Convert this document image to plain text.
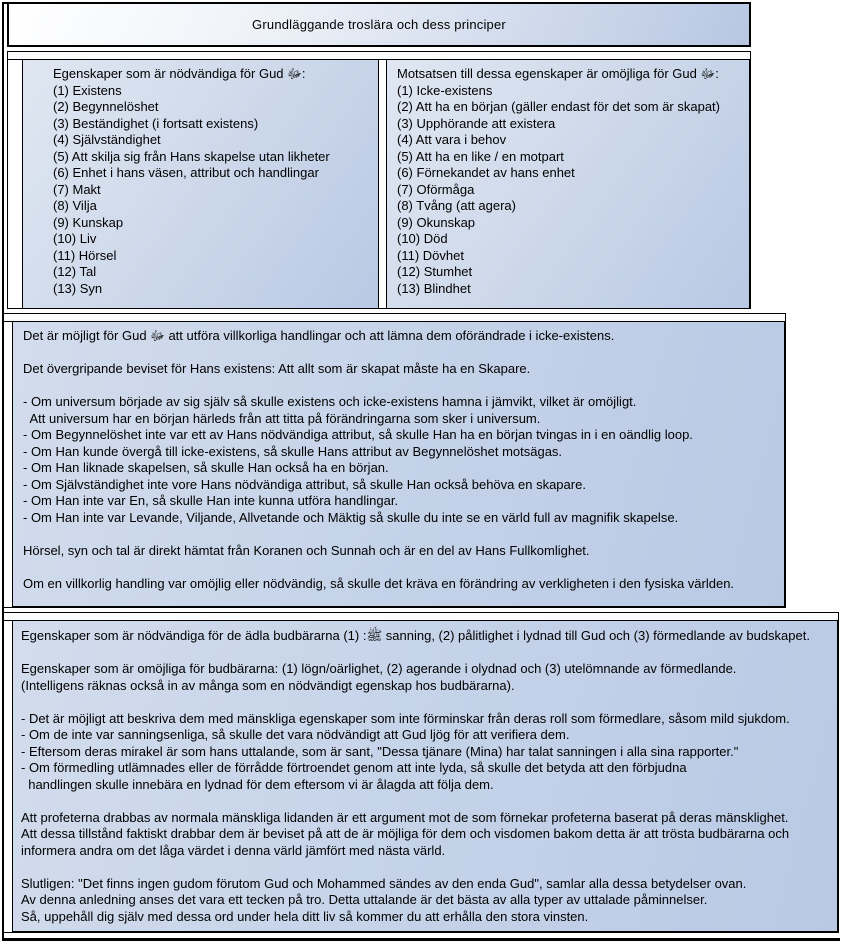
Grundläggande troslära och dess principer
Egenskaper som är nödvändiga för Gud ﷻ:
(1) Existens
(2) Begynnelöshet
(3) Beständighet (i fortsatt existens)
(4) Självständighet
(5) Att skilja sig från Hans skapelse utan likheter
(6) Enhet i hans väsen, attribut och handlingar
(7) Makt
(8) Vilja
(9) Kunskap
(10) Liv
(11) Hörsel
(12) Tal
(13) Syn
Motsatsen till dessa egenskaper är omöjliga för Gud ﷻ:
(1) Icke-existens
(2) Att ha en början (gäller endast för det som är skapat)
(3) Upphörande att existera
(4) Att vara i behov
(5) Att ha en like / en motpart
(6) Förnekandet av hans enhet
(7) Oförmåga
(8) Tvång (att agera)
(9) Okunskap
(10) Död
(11) Dövhet
(12) Stumhet
(13) Blindhet
Det är möjligt för Gud ﷻ att utföra villkorliga handlingar och att lämna dem oförändrade i icke-existens.

Det övergripande beviset för Hans existens: Att allt som är skapat måste ha en Skapare.

- Om universum började av sig själv så skulle existens och icke-existens hamna i jämvikt, vilket är omöjligt.
Att universum har en början härleds från att titta på förändringarna som sker i universum.
- Om Begynnelöshet inte var ett av Hans nödvändiga attribut, så skulle Han ha en början tvingas in i en oändlig loop.
- Om Han kunde övergå till icke-existens, så skulle Hans attribut av Begynnelöshet motsägas.
- Om Han liknade skapelsen, så skulle Han också ha en början.
- Om Självständighet inte vore Hans nödvändiga attribut, så skulle Han också behöva en skapare.
- Om Han inte var En, så skulle Han inte kunna utföra handlingar.
- Om Han inte var Levande, Viljande, Allvetande och Mäktig så skulle du inte se en värld full av magnifik skapelse.

Hörsel, syn och tal är direkt hämtat från Koranen och Sunnah och är en del av Hans Fullkomlighet.

Om en villkorlig handling var omöjlig eller nödvändig, så skulle det kräva en förändring av verkligheten i den fysiska världen.
Egenskaper som är nödvändiga för de ädla budbärarna ﷺ: (1) sanning, (2) pålitlighet i lydnad till Gud och (3) förmedlande av budskapet.

Egenskaper som är omöjliga för budbärarna: (1) lögn/oärlighet, (2) agerande i olydnad och (3) utelömnande av förmedlande.
(Intelligens räknas också in av många som en nödvändigt egenskap hos budbärarna).

- Det är möjligt att beskriva dem med mänskliga egenskaper som inte förminskar från deras roll som förmedlare, såsom mild sjukdom.
- Om de inte var sanningsenliga, så skulle det vara nödvändigt att Gud ljög för att verifiera dem.
- Eftersom deras mirakel är som hans uttalande, som är sant, "Dessa tjänare (Mina) har talat sanningen i alla sina rapporter."
- Om förmedling utlämnades eller de förrådde förtroendet genom att inte lyda, så skulle det betyda att den förbjudna
handlingen skulle innebära en lydnad för dem eftersom vi är ålagda att följa dem.

Att profeterna drabbas av normala mänskliga lidanden är ett argument mot de som förnekar profeterna baserat på deras mänsklighet.
Att dessa tillstånd faktiskt drabbar dem är beviset på att de är möjliga för dem och visdomen bakom detta är att trösta budbärarna och
informera andra om det låga värdet i denna värld jämfört med nästa värld.

Slutligen: "Det finns ingen gudom förutom Gud och Mohammed sändes av den enda Gud", samlar alla dessa betydelser ovan.
Av denna anledning anses det vara ett tecken på tro. Detta uttalande är det bästa av alla typer av uttalade påminnelser.
Så, uppehåll dig själv med dessa ord under hela ditt liv så kommer du att erhålla den stora vinsten.
